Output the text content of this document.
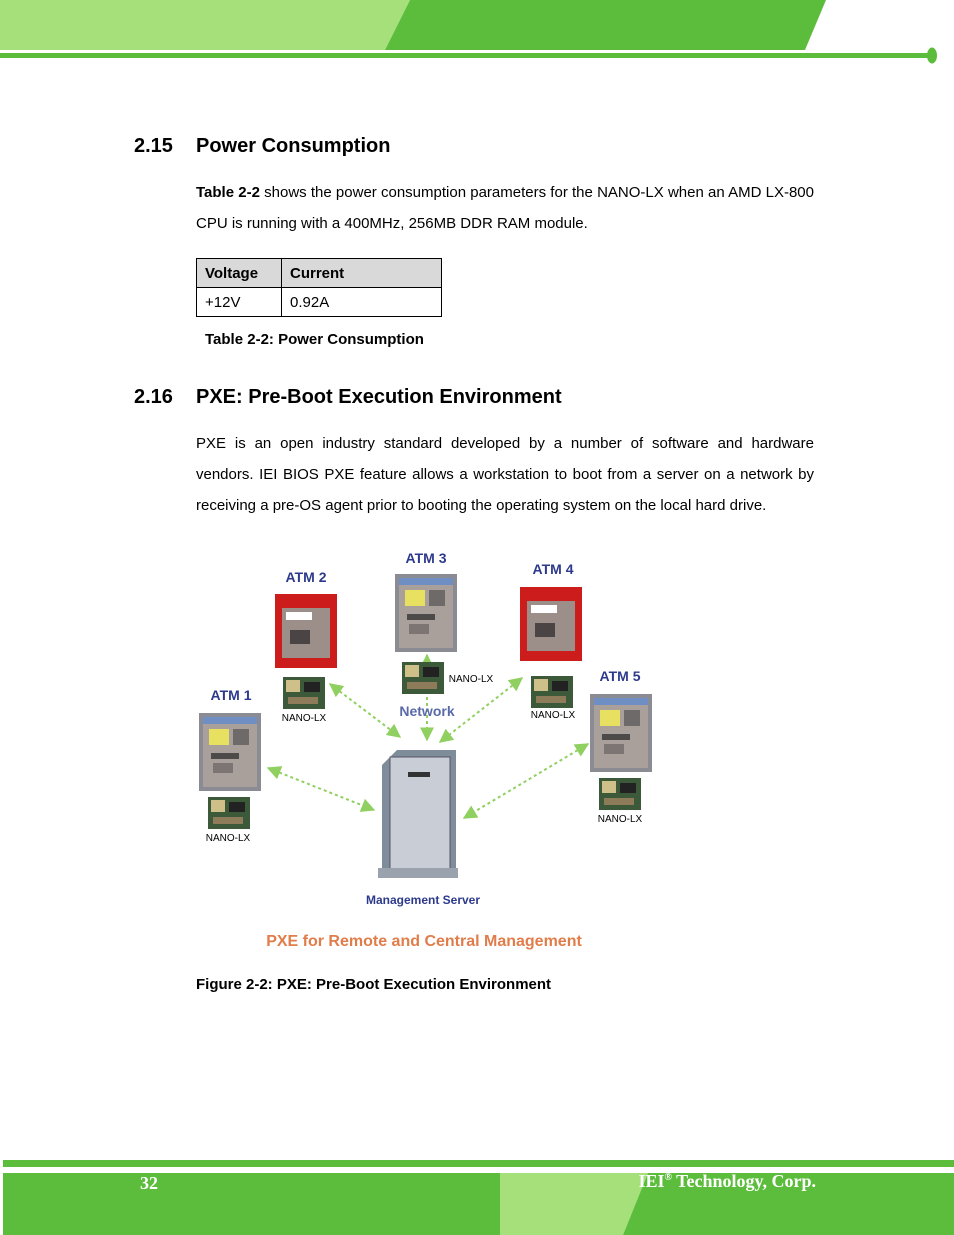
2.15 Power Consumption
Table 2-2 shows the power consumption parameters for the NANO-LX when an AMD LX-800 CPU is running with a 400MHz, 256MB DDR RAM module.
Voltage	Current
+12V	0.92A
Table 2-2: Power Consumption
2.16 PXE: Pre-Boot Execution Environment
PXE is an open industry standard developed by a number of software and hardware vendors. IEI BIOS PXE feature allows a workstation to boot from a server on a network by receiving a pre-OS agent prior to booting the operating system on the local hard drive.
ATM 2
NANO-LX
ATM 3
NANO-LX
ATM 4
NANO-LX
ATM 1
NANO-LX
ATM 5
NANO-LX
Network
Management Server
PXE for Remote and Central Management
Figure 2-2: PXE: Pre-Boot Execution Environment
32	IEI® Technology, Corp.
